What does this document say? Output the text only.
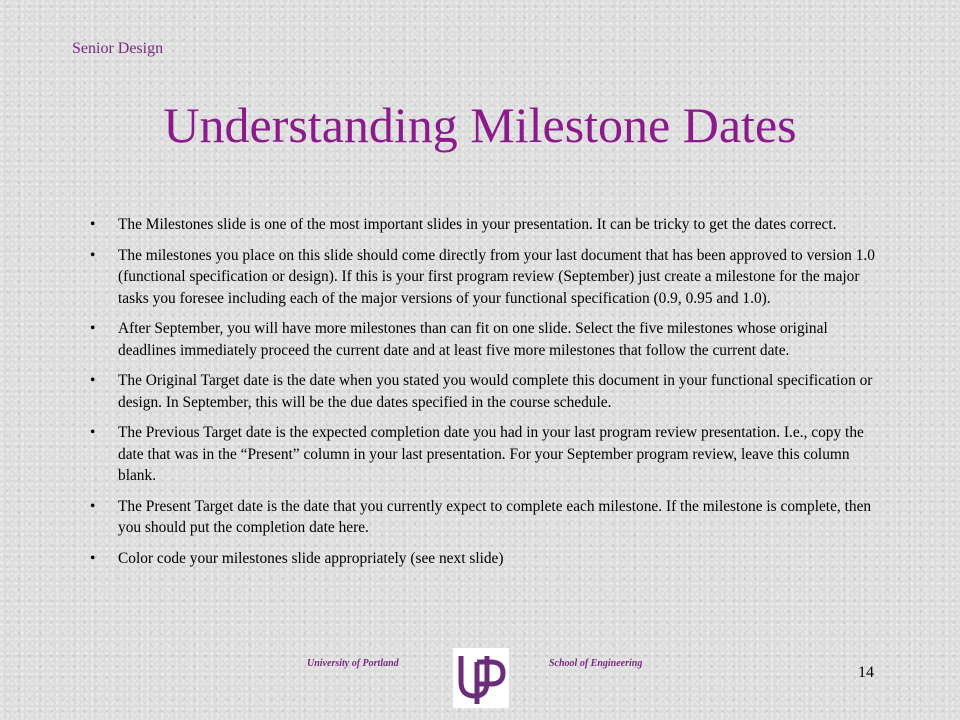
Senior Design
Understanding Milestone Dates
• The Milestones slide is one of the most important slides in your presentation. It can be tricky to get the dates correct.
• The milestones you place on this slide should come directly from your last document that has been approved to version 1.0 (functional specification or design). If this is your first program review (September) just create a milestone for the major tasks you foresee including each of the major versions of your functional specification (0.9, 0.95 and 1.0).
• After September, you will have more milestones than can fit on one slide. Select the five milestones whose original deadlines immediately proceed the current date and at least five more milestones that follow the current date.
• The Original Target date is the date when you stated you would complete this document in your functional specification or design. In September, this will be the due dates specified in the course schedule.
• The Previous Target date is the expected completion date you had in your last program review presentation. I.e., copy the date that was in the “Present” column in your last presentation. For your September program review, leave this column blank.
• The Present Target date is the date that you currently expect to complete each milestone. If the milestone is complete, then you should put the completion date here.
• Color code your milestones slide appropriately (see next slide)
University of Portland	School of Engineering
14
